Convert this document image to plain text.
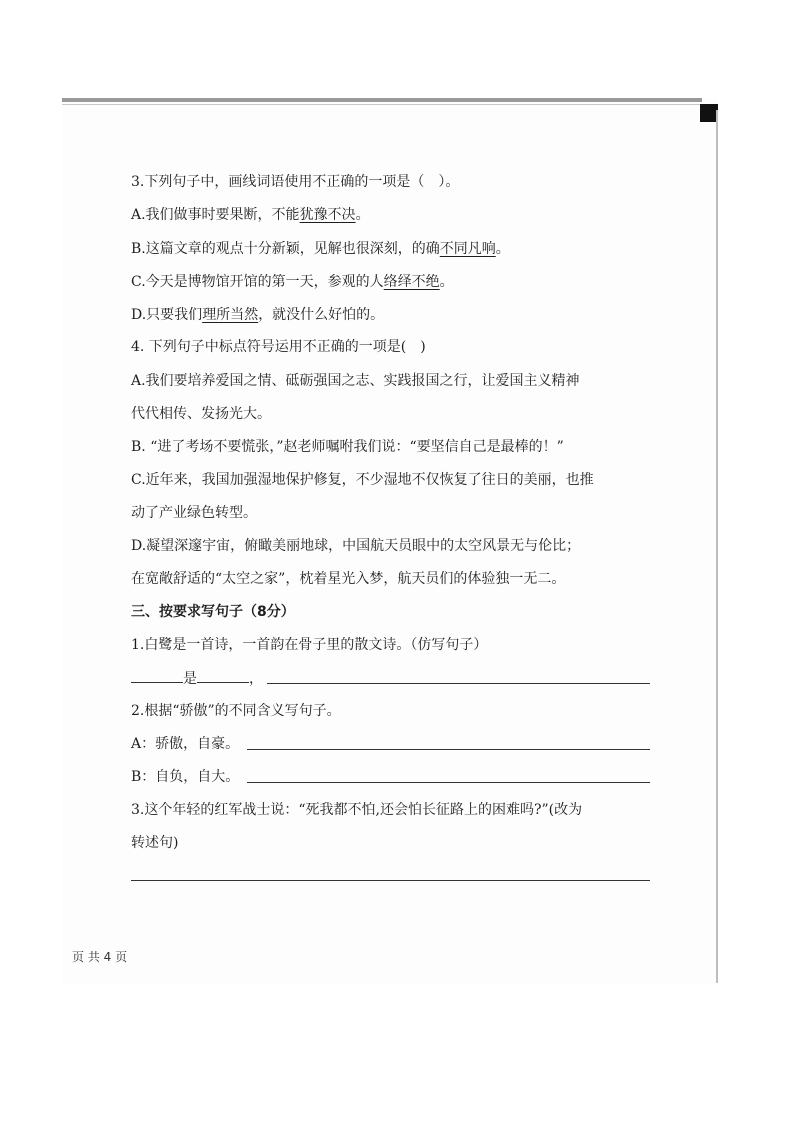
3.下列句子中，画线词语使用不正确的一项是（　）。
A.我们做事时要果断，不能犹豫不决。
B.这篇文章的观点十分新颖，见解也很深刻，的确不同凡响。
C.今天是博物馆开馆的第一天，参观的人络绎不绝。
D.只要我们理所当然，就没什么好怕的。
4. 下列句子中标点符号运用不正确的一项是(　)
A.我们要培养爱国之情、砥砺强国之志、实践报国之行，让爱国主义精神
代代相传、发扬光大。
B. “进了考场不要慌张，”赵老师嘱咐我们说：“要坚信自己是最棒的！”
C.近年来，我国加强湿地保护修复，不少湿地不仅恢复了往日的美丽，也推
动了产业绿色转型。
D.凝望深邃宇宙，俯瞰美丽地球，中国航天员眼中的太空风景无与伦比；
在宽敞舒适的“太空之家”，枕着星光入梦，航天员们的体验独一无二。
三、按要求写句子（8分）
1.白鹭是一首诗，一首韵在骨子里的散文诗。（仿写句子）
是	，
2.根据“骄傲”的不同含义写句子。
A：骄傲，自豪。
B：自负，自大。
3.这个年轻的红军战士说：“死我都不怕,还会怕长征路上的困难吗?”(改为
转述句)
页 共 4 页
